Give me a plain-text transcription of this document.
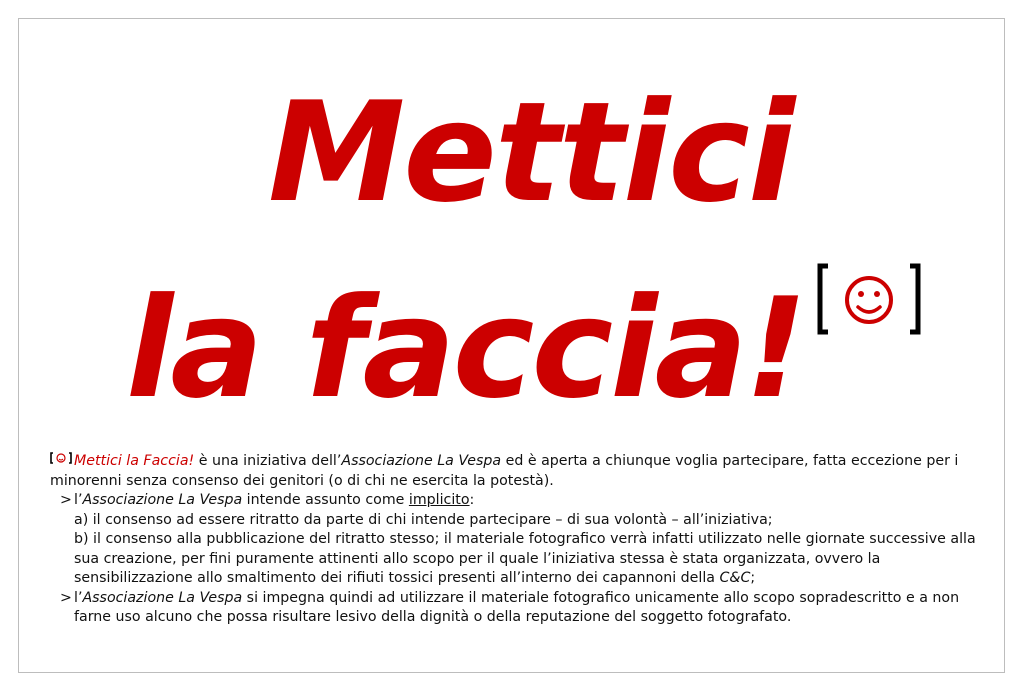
Mettici
la faccia!
Mettici la Faccia! è una iniziativa dell’Associazione La Vespa ed è aperta a chiunque voglia partecipare, fatta eccezione per i minorenni senza consenso dei genitori (o di chi ne esercita la potestà).
> l’Associazione La Vespa intende assunto come implicito:
a) il consenso ad essere ritratto da parte di chi intende partecipare – di sua volontà – all’iniziativa;
b) il consenso alla pubblicazione del ritratto stesso; il materiale fotografico verrà infatti utilizzato nelle giornate successive alla sua creazione, per fini puramente attinenti allo scopo per il quale l’iniziativa stessa è stata organizzata, ovvero la sensibilizzazione allo smaltimento dei rifiuti tossici presenti all’interno dei capannoni della C&C;
> l’Associazione La Vespa si impegna quindi ad utilizzare il materiale fotografico unicamente allo scopo sopradescritto e a non farne uso alcuno che possa risultare lesivo della dignità o della reputazione del soggetto fotografato.
